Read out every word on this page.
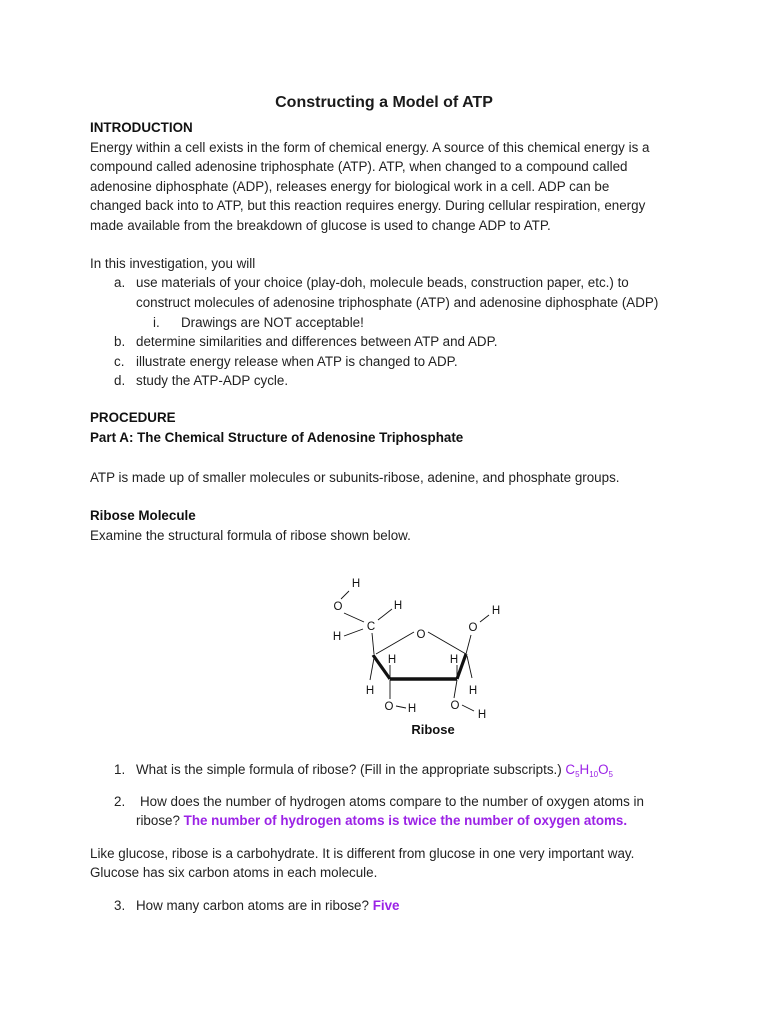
Constructing a Model of ATP
INTRODUCTION
Energy within a cell exists in the form of chemical energy. A source of this chemical energy is a
compound called adenosine triphosphate (ATP). ATP, when changed to a compound called
adenosine diphosphate (ADP), releases energy for biological work in a cell. ADP can be
changed back into to ATP, but this reaction requires energy. During cellular respiration, energy
made available from the breakdown of glucose is used to change ADP to ATP.
In this investigation, you will
a. use materials of your choice (play-doh, molecule beads, construction paper, etc.) to
construct molecules of adenosine triphosphate (ATP) and adenosine diphosphate (ADP)
i. Drawings are NOT acceptable!
b. determine similarities and differences between ATP and ADP.
c. illustrate energy release when ATP is changed to ADP.
d. study the ATP-ADP cycle.
PROCEDURE
Part A: The Chemical Structure of Adenosine Triphosphate
ATP is made up of smaller molecules or subunits-ribose, adenine, and phosphate groups.
Ribose Molecule
Examine the structural formula of ribose shown below.
H
O	H
C
H	O
H	H
O
H
H
H
O H	O
H
Ribose
1. What is the simple formula of ribose? (Fill in the appropriate subscripts.) $C_5H_{10}O_5$
2. How does the number of hydrogen atoms compare to the number of oxygen atoms in
ribose? The number of hydrogen atoms is twice the number of oxygen atoms.
Like glucose, ribose is a carbohydrate. It is different from glucose in one very important way.
Glucose has six carbon atoms in each molecule.
3. How many carbon atoms are in ribose? Five
